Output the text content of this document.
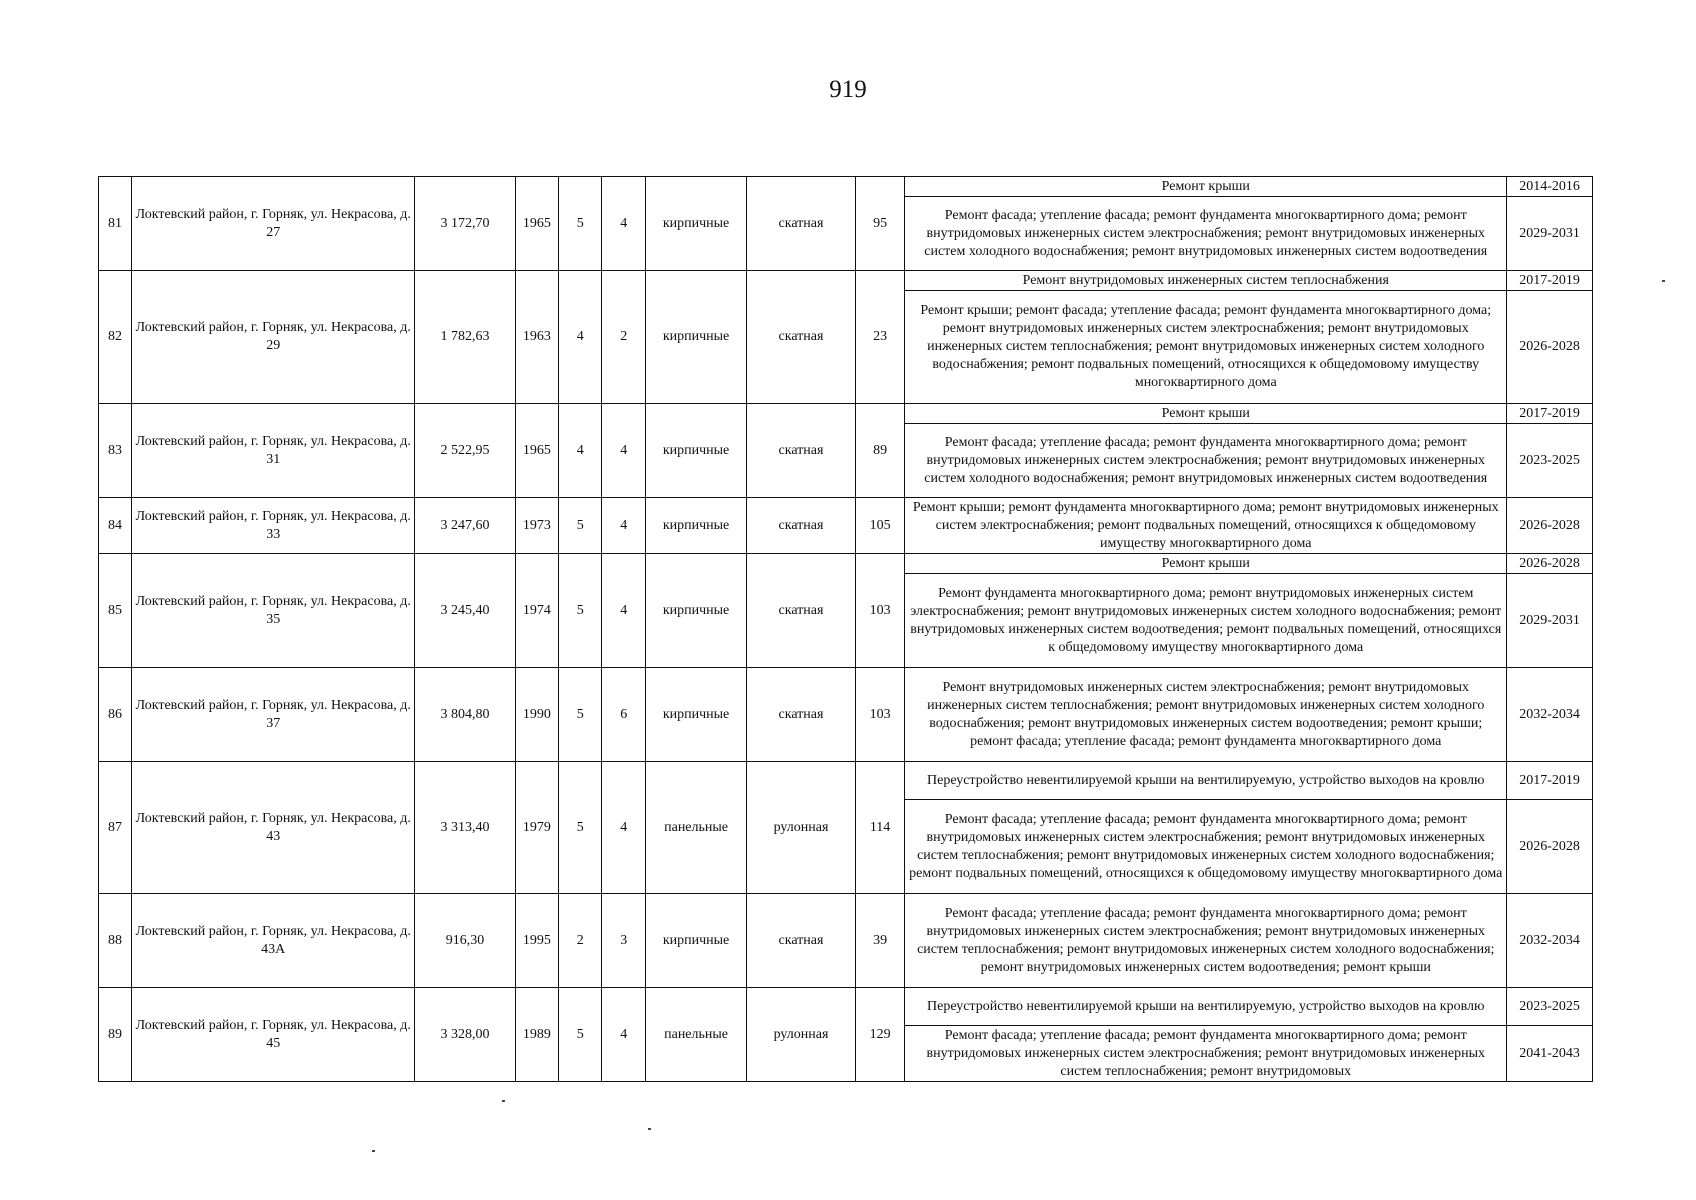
919
81	Локтевский район, г. Горняк, ул. Некрасова, д. 27	3 172,70	1965	5	4	кирпичные	скатная	95	Ремонт крыши	2014-2016
									Ремонт фасада; утепление фасада; ремонт фундамента многоквартирного дома; ремонт внутридомовых инженерных систем электроснабжения; ремонт внутридомовых инженерных систем холодного водоснабжения; ремонт внутридомовых инженерных систем водоотведения	2029-2031
82	Локтевский район, г. Горняк, ул. Некрасова, д. 29	1 782,63	1963	4	2	кирпичные	скатная	23	Ремонт внутридомовых инженерных систем теплоснабжения	2017-2019
									Ремонт крыши; ремонт фасада; утепление фасада; ремонт фундамента многоквартирного дома; ремонт внутридомовых инженерных систем электроснабжения; ремонт внутридомовых инженерных систем теплоснабжения; ремонт внутридомовых инженерных систем холодного водоснабжения; ремонт подвальных помещений, относящихся к общедомовому имуществу многоквартирного дома	2026-2028
83	Локтевский район, г. Горняк, ул. Некрасова, д. 31	2 522,95	1965	4	4	кирпичные	скатная	89	Ремонт крыши	2017-2019
									Ремонт фасада; утепление фасада; ремонт фундамента многоквартирного дома; ремонт внутридомовых инженерных систем электроснабжения; ремонт внутридомовых инженерных систем холодного водоснабжения; ремонт внутридомовых инженерных систем водоотведения	2023-2025
84	Локтевский район, г. Горняк, ул. Некрасова, д. 33	3 247,60	1973	5	4	кирпичные	скатная	105	Ремонт крыши; ремонт фундамента многоквартирного дома; ремонт внутридомовых инженерных систем электроснабжения; ремонт подвальных помещений, относящихся к общедомовому имуществу многоквартирного дома	2026-2028
85	Локтевский район, г. Горняк, ул. Некрасова, д. 35	3 245,40	1974	5	4	кирпичные	скатная	103	Ремонт крыши	2026-2028
									Ремонт фундамента многоквартирного дома; ремонт внутридомовых инженерных систем электроснабжения; ремонт внутридомовых инженерных систем холодного водоснабжения; ремонт внутридомовых инженерных систем водоотведения; ремонт подвальных помещений, относящихся к общедомовому имуществу многоквартирного дома	2029-2031
86	Локтевский район, г. Горняк, ул. Некрасова, д. 37	3 804,80	1990	5	6	кирпичные	скатная	103	Ремонт внутридомовых инженерных систем электроснабжения; ремонт внутридомовых инженерных систем теплоснабжения; ремонт внутридомовых инженерных систем холодного водоснабжения; ремонт внутридомовых инженерных систем водоотведения; ремонт крыши; ремонт фасада; утепление фасада; ремонт фундамента многоквартирного дома	2032-2034
87	Локтевский район, г. Горняк, ул. Некрасова, д. 43	3 313,40	1979	5	4	панельные	рулонная	114	Переустройство невентилируемой крыши на вентилируемую, устройство выходов на кровлю	2017-2019
									Ремонт фасада; утепление фасада; ремонт фундамента многоквартирного дома; ремонт внутридомовых инженерных систем электроснабжения; ремонт внутридомовых инженерных систем теплоснабжения; ремонт внутридомовых инженерных систем холодного водоснабжения; ремонт подвальных помещений, относящихся к общедомовому имуществу многоквартирного дома	2026-2028
88	Локтевский район, г. Горняк, ул. Некрасова, д. 43А	916,30	1995	2	3	кирпичные	скатная	39	Ремонт фасада; утепление фасада; ремонт фундамента многоквартирного дома; ремонт внутридомовых инженерных систем электроснабжения; ремонт внутридомовых инженерных систем теплоснабжения; ремонт внутридомовых инженерных систем холодного водоснабжения; ремонт внутридомовых инженерных систем водоотведения; ремонт крыши	2032-2034
89	Локтевский район, г. Горняк, ул. Некрасова, д. 45	3 328,00	1989	5	4	панельные	рулонная	129	Переустройство невентилируемой крыши на вентилируемую, устройство выходов на кровлю	2023-2025
									Ремонт фасада; утепление фасада; ремонт фундамента многоквартирного дома; ремонт внутридомовых инженерных систем электроснабжения; ремонт внутридомовых инженерных систем теплоснабжения; ремонт внутридомовых	2041-2043
